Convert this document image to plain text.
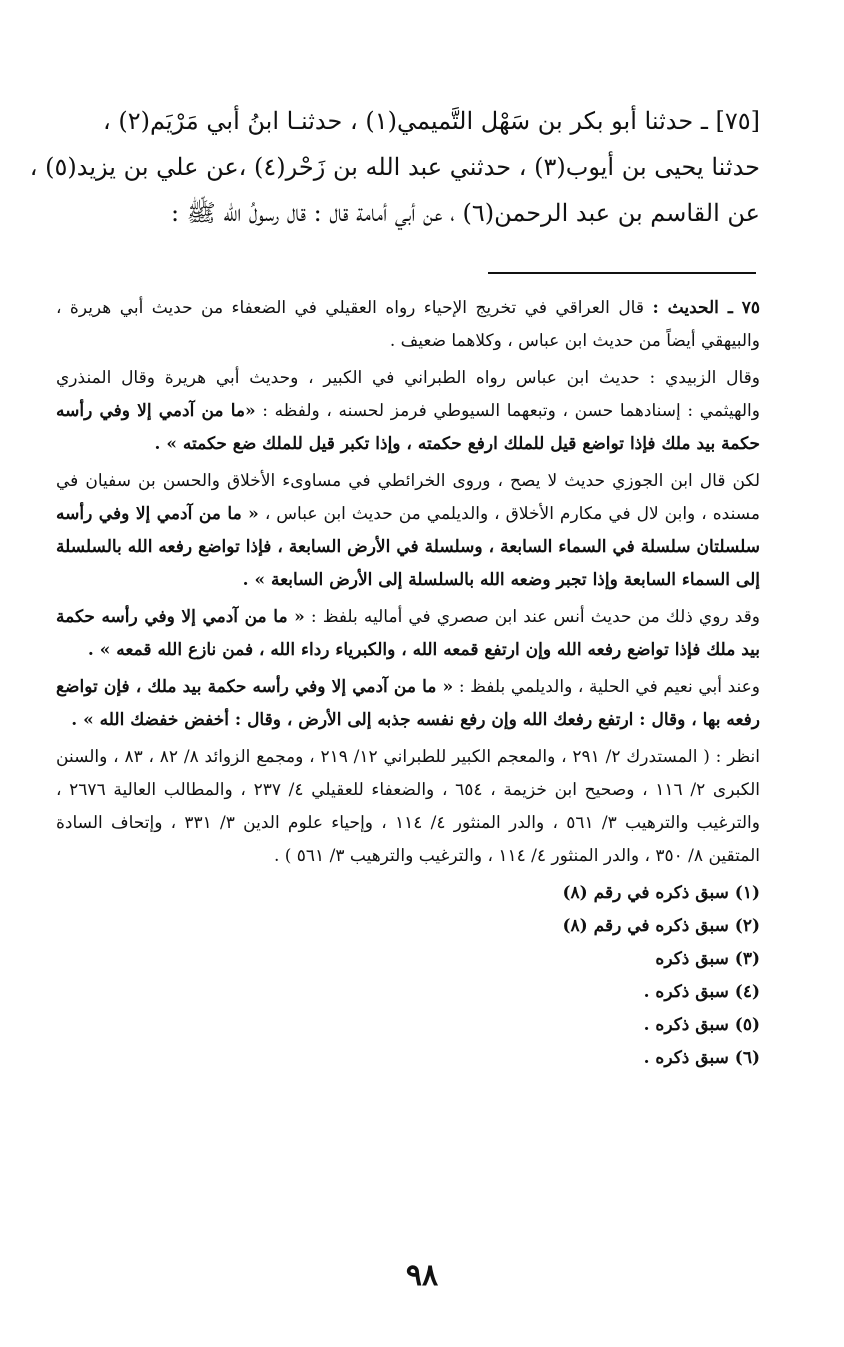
[٧٥] ـ حدثنا أبو بكر بن سَهْل التَّميمي(١) ، حدثنـا ابنُ أبي مَرْيَم(٢) ،
حدثنا يحيى بن أيوب(٣) ، حدثني عبد الله بن زَحْر(٤) ،عن علي بن يزيد(٥) ،
عن القاسم بن عبد الرحمن(٦) ، عن أبي أمامة قال : قال رسولُ الله ﷺ :

٧٥ ـ الحديث : قال العراقي في تخريج الإحياء رواه العقيلي في الضعفاء من حديث أبي هريرة ، والبيهقي أيضاً من حديث ابن عباس ، وكلاهما ضعيف .

وقال الزبيدي : حديث ابن عباس رواه الطبراني في الكبير ، وحديث أبي هريرة وقال المنذري والهيثمي : إسنادهما حسن ، وتبعهما السيوطي فرمز لحسنه ، ولفظه : «ما من آدمي إلا وفي رأسه حكمة بيد ملك فإذا تواضع قيل للملك ارفع حكمته ، وإذا تكبر قيل للملك ضع حكمته » .

لكن قال ابن الجوزي حديث لا يصح ، وروى الخرائطي في مساوىء الأخلاق والحسن بن سفيان في مسنده ، وابن لال في مكارم الأخلاق ، والديلمي من حديث ابن عباس ، « ما من آدمي إلا وفي رأسه سلسلتان سلسلة في السماء السابعة ، وسلسلة في الأرض السابعة ، فإذا تواضع رفعه الله بالسلسلة إلى السماء السابعة وإذا تجبر وضعه الله بالسلسلة إلى الأرض السابعة » .

وقد روي ذلك من حديث أنس عند ابن صصري في أماليه بلفظ : « ما من آدمي إلا وفي رأسه حكمة بيد ملك فإذا تواضع رفعه الله وإن ارتفع قمعه الله ، والكبرياء رداء الله ، فمن نازع الله قمعه » .

وعند أبي نعيم في الحلية ، والديلمي بلفظ : « ما من آدمي إلا وفي رأسه حكمة بيد ملك ، فإن تواضع رفعه بها ، وقال : ارتفع رفعك الله وإن رفع نفسه جذبه إلى الأرض ، وقال : أخفض خفضك الله » .

انظر : ( المستدرك ٢/ ٢٩١ ، والمعجم الكبير للطبراني ١٢/ ٢١٩ ، ومجمع الزوائد ٨/ ٨٢ ، ٨٣ ، والسنن الكبرى ٢/ ١١٦ ، وصحيح ابن خزيمة ، ٦٥٤ ، والضعفاء للعقيلي ٤/ ٢٣٧ ، والمطالب العالية ٢٦٧٦ ، والترغيب والترهيب ٣/ ٥٦١ ، والدر المنثور ٤/ ١١٤ ، وإحياء علوم الدين ٣/ ٣٣١ ، وإتحاف السادة المتقين ٨/ ٣٥٠ ، والدر المنثور ٤/ ١١٤ ، والترغيب والترهيب ٣/ ٥٦١ ) .

(١) سبق ذكره في رقم (٨)
(٢) سبق ذكره في رقم (٨)
(٣) سبق ذكره
(٤) سبق ذكره .
(٥) سبق ذكره .
(٦) سبق ذكره .
٩٨
